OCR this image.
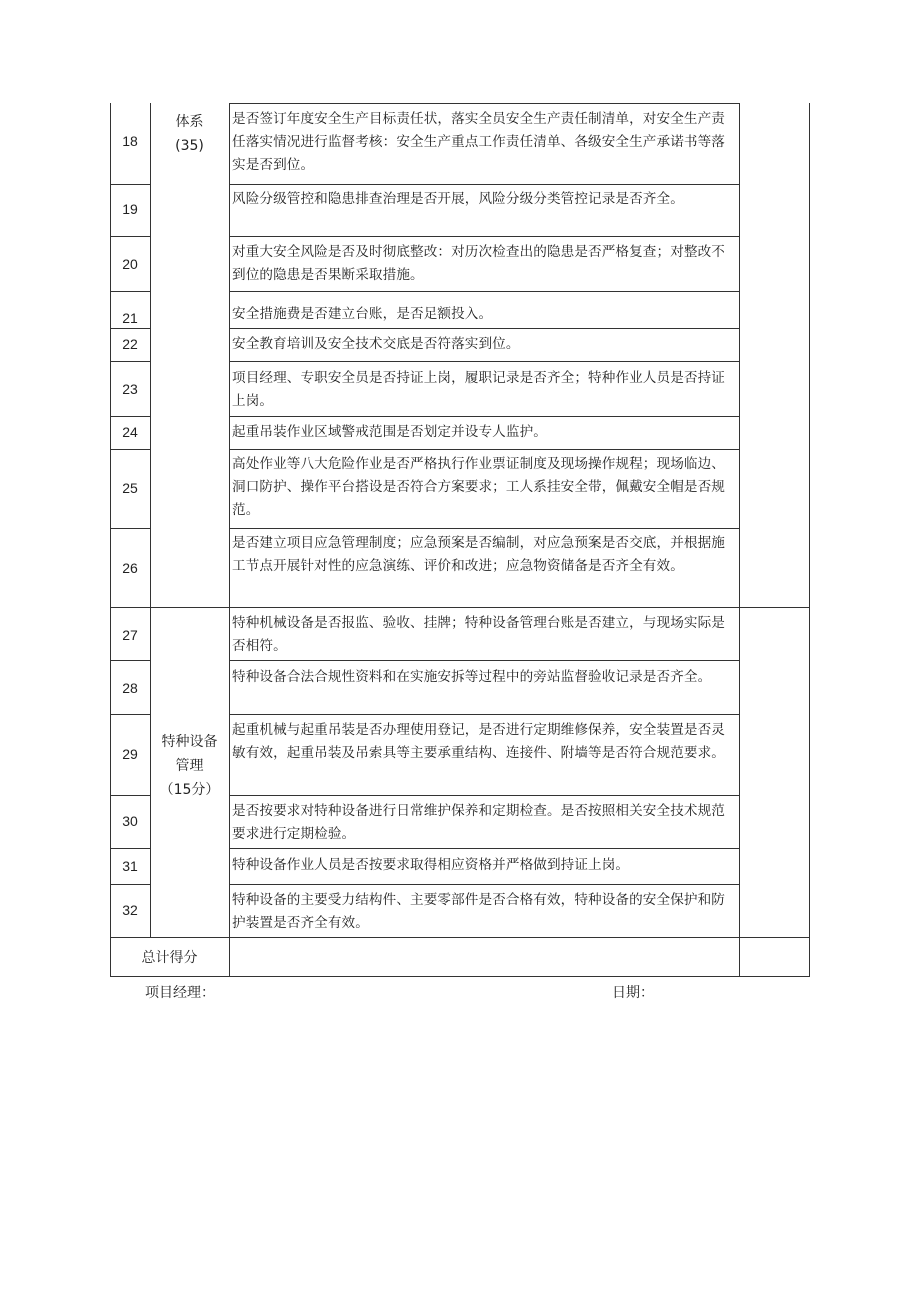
体系
(35)
特种设备
管理
（15分）
18
19
20
21
22
23
24
25
26
27
28
29
30
31
32
是否签订年度安全生产目标责任状，落实全员安全生产责任制清单，对安全生产责任落实情况进行监督考核：安全生产重点工作责任清单、各级安全生产承诺书等落实是否到位。
风险分级管控和隐患排查治理是否开展，风险分级分类管控记录是否齐全。
对重大安全风险是否及时彻底整改：对历次检查出的隐患是否严格复查；对整改不到位的隐患是否果断采取措施。
安全措施费是否建立台账，是否足额投入。
安全教育培训及安全技术交底是否符落实到位。
项目经理、专职安全员是否持证上岗，履职记录是否齐全；特种作业人员是否持证上岗。
起重吊装作业区域警戒范围是否划定并设专人监护。
高处作业等八大危险作业是否严格执行作业票证制度及现场操作规程；现场临边、洞口防护、操作平台搭设是否符合方案要求；工人系挂安全带，佩戴安全帽是否规范。
是否建立项目应急管理制度；应急预案是否编制，对应急预案是否交底，并根据施工节点开展针对性的应急演练、评价和改进；应急物资储备是否齐全有效。
特种机械设备是否报监、验收、挂牌；特种设备管理台账是否建立，与现场实际是否相符。
特种设备合法合规性资料和在实施安拆等过程中的旁站监督验收记录是否齐全。
起重机械与起重吊装是否办理使用登记，是否进行定期维修保养，安全装置是否灵敏有效，起重吊装及吊索具等主要承重结构、连接件、附墙等是否符合规范要求。
是否按要求对特种设备进行日常维护保养和定期检查。是否按照相关安全技术规范要求进行定期检验。
特种设备作业人员是否按要求取得相应资格并严格做到持证上岗。
特种设备的主要受力结构件、主要零部件是否合格有效，特种设备的安全保护和防护装置是否齐全有效。
总计得分
项目经理：	日期：
